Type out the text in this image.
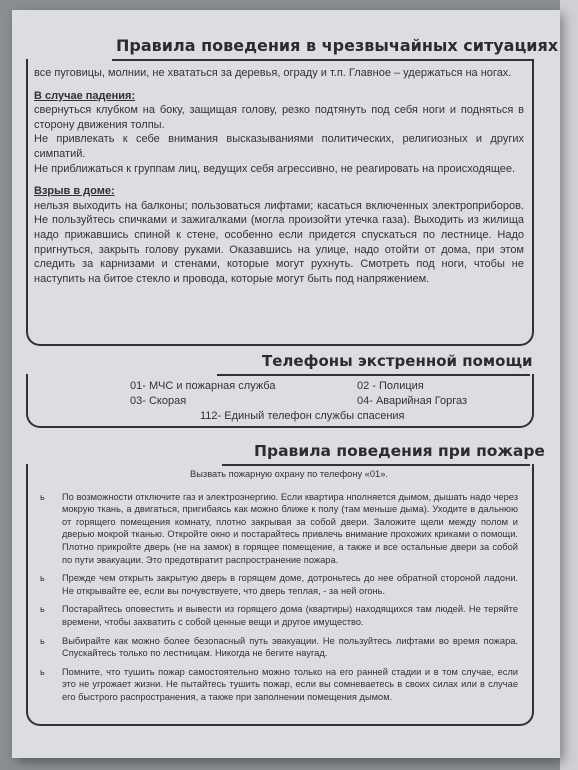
Правила поведения в чрезвычайных ситуациях

все пуговицы, молнии, не хвататься за деревья, ограду и т.п. Главное – удержаться на ногах.

В случае падения:

свернуться клубком на боку, защищая голову, резко подтянуть под себя ноги и подняться в сторону движения толпы.

Не привлекать к себе внимания высказываниями политических, религиозных и других симпатий.

Не приближаться к группам лиц, ведущих себя агрессивно, не реагировать на происходящее.

Взрыв в доме:

нельзя выходить на балконы; пользоваться лифтами; касаться включенных электроприборов. Не пользуйтесь спичками и зажигалками (могла произойти утечка газа). Выходить из жилища надо прижавшись спиной к стене, особенно если придется спускаться по лестнице. Надо пригнуться, закрыть голову руками. Оказавшись на улице, надо отойти от дома, при этом следить за карнизами и стенами, которые могут рухнуть. Смотреть под ноги, чтобы не наступить на битое стекло и провода, которые могут быть под напряжением.

Телефоны экстренной помощи
01- МЧС и пожарная служба	02 - Полиция
03- Скорая	04- Аварийная Горгаз
112- Единый телефон службы спасения
Правила поведения при пожаре
Вызвать пожарную охрану по телефону «01».
ь По возможности отключите газ и электроэнергию. Если квартира нполняется дымом, дышать надо через мокрую ткань, а двигаться, пригибаясь как можно ближе к полу (там меньше дыма). Уходите в дальнюю от горящего помещения комнату, плотно закрывая за собой двери. Заложите щели между полом и дверью мокрой тканью. Откройте окно и постарайтесь привлечь внимание прохожих криками о помощи. Плотно прикройте дверь (не на замок) в горящее помещение, а также и все остальные двери за собой по пути эвакуации. Это предотвратит распространение пожара.
ь Прежде чем открыть закрытую дверь в горящем доме, дотроньтесь до нее обратной стороной ладони. Не открывайте ее, если вы почувствуете, что дверь теплая, - за ней огонь.
ь Постарайтесь оповестить и вывести из горящего дома (квартиры) находящихся там людей. Не теряйте времени, чтобы захватить с собой ценные вещи и другое имущество.
ь Выбирайте как можно более безопасный путь эвакуации. Не пользуйтесь лифтами во время пожара. Спускайтесь только по лестницам. Никогда не бегите наугад.
ь Помните, что тушить пожар самостоятельно можно только на его ранней стадии и в том случае, если это не угрожает жизни. Не пытайтесь тушить пожар, если вы сомневаетесь в своих силах или в случае его быстрого распространения, а также при заполнении помещения дымом.
